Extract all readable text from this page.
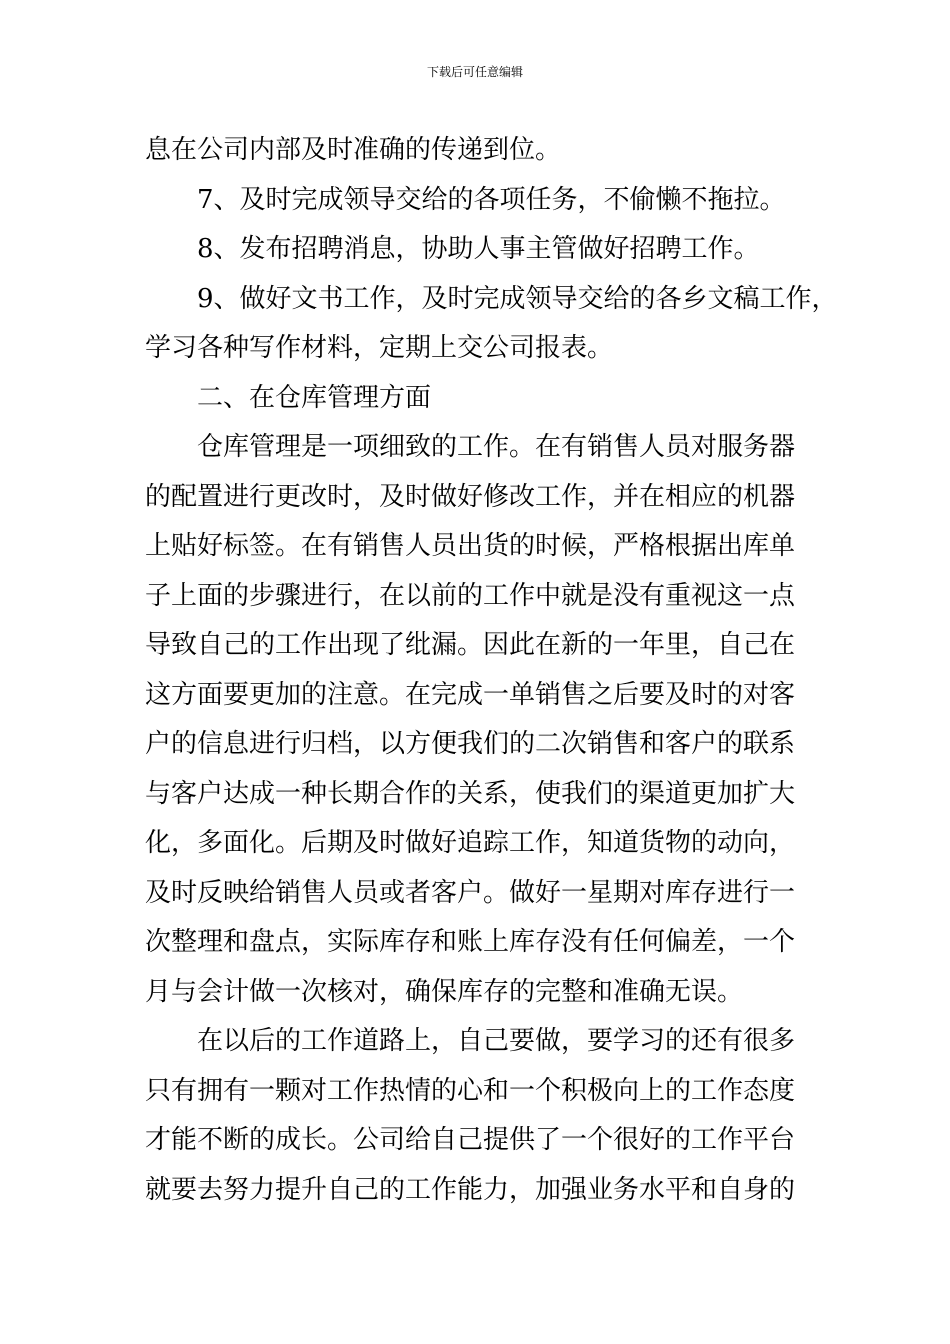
下载后可任意编辑
息在公司内部及时准确的传递到位。
　　7、及时完成领导交给的各项任务，不偷懒不拖拉。
　　8、发布招聘消息，协助人事主管做好招聘工作。
　　9、做好文书工作，及时完成领导交给的各乡文稿工作，
学习各种写作材料，定期上交公司报表。
　　二、在仓库管理方面
　　仓库管理是一项细致的工作。在有销售人员对服务器
的配置进行更改时，及时做好修改工作，并在相应的机器
上贴好标签。在有销售人员出货的时候，严格根据出库单
子上面的步骤进行，在以前的工作中就是没有重视这一点
导致自己的工作出现了纰漏。因此在新的一年里，自己在
这方面要更加的注意。在完成一单销售之后要及时的对客
户的信息进行归档，以方便我们的二次销售和客户的联系
与客户达成一种长期合作的关系，使我们的渠道更加扩大
化，多面化。后期及时做好追踪工作，知道货物的动向，
及时反映给销售人员或者客户。做好一星期对库存进行一
次整理和盘点，实际库存和账上库存没有任何偏差，一个
月与会计做一次核对，确保库存的完整和准确无误。
　　在以后的工作道路上，自己要做，要学习的还有很多
只有拥有一颗对工作热情的心和一个积极向上的工作态度
才能不断的成长。公司给自己提供了一个很好的工作平台
就要去努力提升自己的工作能力，加强业务水平和自身的
